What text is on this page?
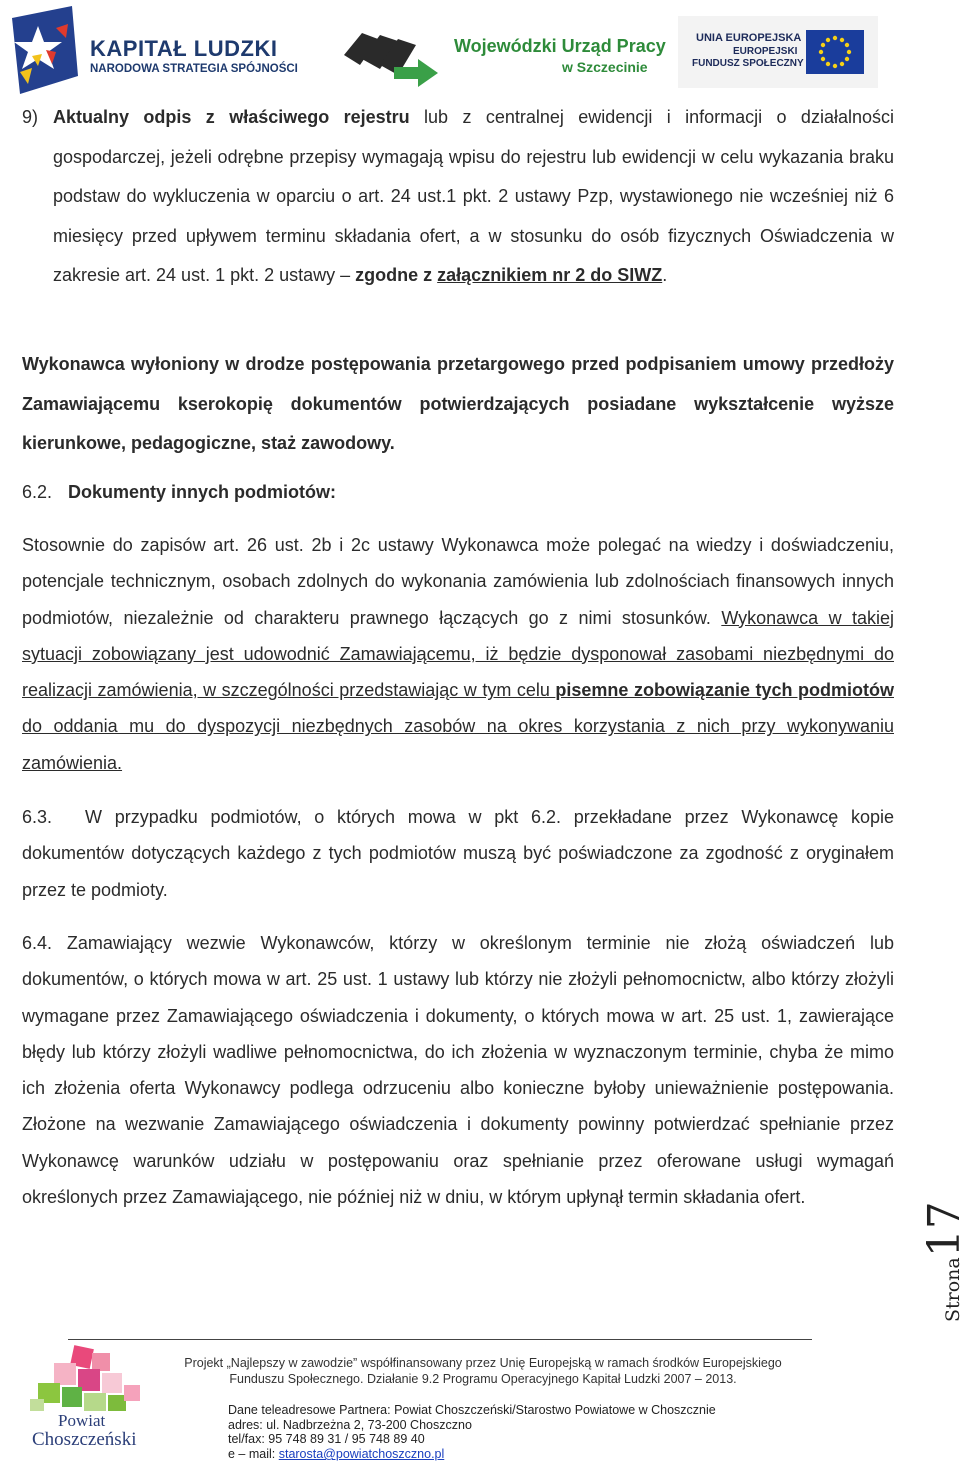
KAPITAŁ LUDZKI
NARODOWA STRATEGIA SPÓJNOŚCI
Wojewódzki Urząd Pracy
w Szczecinie
UNIA EUROPEJSKA
EUROPEJSKI
FUNDUSZ SPOŁECZNY
9) Aktualny odpis z właściwego rejestru lub z centralnej ewidencji i informacji o działalności gospodarczej, jeżeli odrębne przepisy wymagają wpisu do rejestru lub ewidencji w celu wykazania braku podstaw do wykluczenia w oparciu o art. 24 ust.1 pkt. 2 ustawy Pzp, wystawionego nie wcześniej niż 6 miesięcy przed upływem terminu składania ofert, a w stosunku do osób fizycznych Oświadczenia w zakresie art. 24 ust. 1 pkt. 2 ustawy – zgodne z załącznikiem nr 2 do SIWZ.
Wykonawca wyłoniony w drodze postępowania przetargowego przed podpisaniem umowy przedłoży Zamawiającemu kserokopię dokumentów potwierdzających posiadane wykształcenie wyższe kierunkowe, pedagogiczne, staż zawodowy.
6.2. Dokumenty innych podmiotów:
Stosownie do zapisów art. 26 ust. 2b i 2c ustawy Wykonawca może polegać na wiedzy i doświadczeniu, potencjale technicznym, osobach zdolnych do wykonania zamówienia lub zdolnościach finansowych innych podmiotów, niezależnie od charakteru prawnego łączących go z nimi stosunków. Wykonawca w takiej sytuacji zobowiązany jest udowodnić Zamawiającemu, iż będzie dysponował zasobami niezbędnymi do realizacji zamówienia, w szczególności przedstawiając w tym celu pisemne zobowiązanie tych podmiotów do oddania mu do dyspozycji niezbędnych zasobów na okres korzystania z nich przy wykonywaniu zamówienia.
6.3. W przypadku podmiotów, o których mowa w pkt 6.2. przekładane przez Wykonawcę kopie dokumentów dotyczących każdego z tych podmiotów muszą być poświadczone za zgodność z oryginałem przez te podmioty.
6.4. Zamawiający wezwie Wykonawców, którzy w określonym terminie nie złożą oświadczeń lub dokumentów, o których mowa w art. 25 ust. 1 ustawy lub którzy nie złożyli pełnomocnictw, albo którzy złożyli wymagane przez Zamawiającego oświadczenia i dokumenty, o których mowa w art. 25 ust. 1, zawierające błędy lub którzy złożyli wadliwe pełnomocnictwa, do ich złożenia w wyznaczonym terminie, chyba że mimo ich złożenia oferta Wykonawcy podlega odrzuceniu albo konieczne byłoby unieważnienie postępowania. Złożone na wezwanie Zamawiającego oświadczenia i dokumenty powinny potwierdzać spełnianie przez Wykonawcę warunków udziału w postępowaniu oraz spełnianie przez oferowane usługi wymagań określonych przez Zamawiającego, nie później niż w dniu, w którym upłynął termin składania ofert.
Strona17
Powiat
Choszczeński
Projekt „Najlepszy w zawodzie” współfinansowany przez Unię Europejską w ramach środków Europejskiego
Funduszu Społecznego. Działanie 9.2 Programu Operacyjnego Kapitał Ludzki 2007 – 2013.
Dane teleadresowe Partnera: Powiat Choszczeński/Starostwo Powiatowe w Choszcznie
adres: ul. Nadbrzeżna 2, 73-200 Choszczno
tel/fax: 95 748 89 31 / 95 748 89 40
e – mail: starosta@powiatchoszczno.pl
